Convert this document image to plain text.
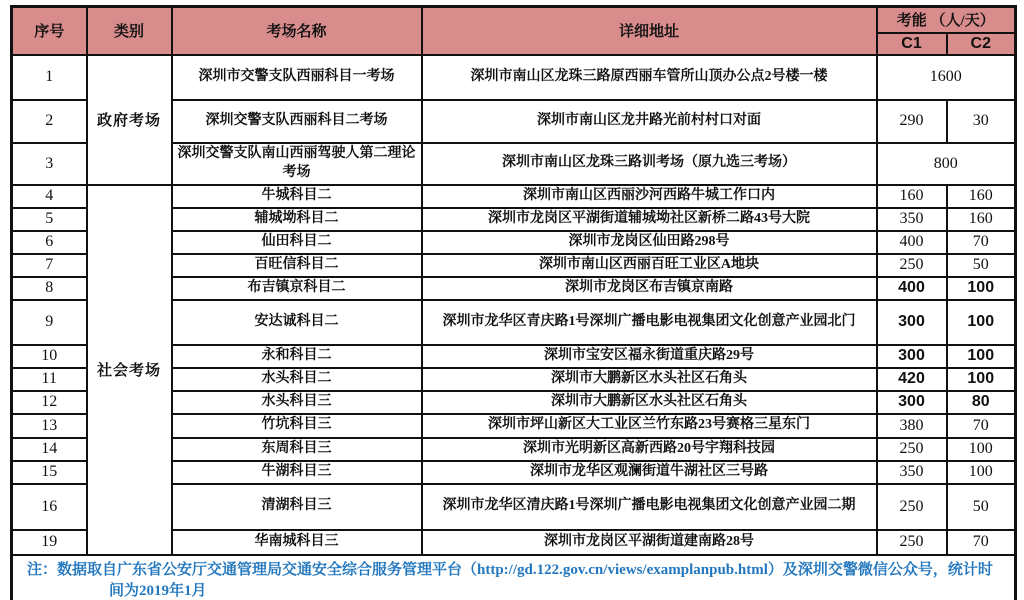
序号	类别	考场名称	详细地址	考能 （人/天）	
				C1	C2
1	政府考场	深圳市交警支队西丽科目一考场	深圳市南山区龙珠三路原西丽车管所山顶办公点2号楼一楼	1600	
2		深圳交警支队西丽科目二考场	深圳市南山区龙井路光前村村口对面	290	30
3		深圳交警支队南山西丽驾驶人第二理论考场	深圳市南山区龙珠三路训考场（原九选三考场）	800	
4	社会考场	牛城科目二	深圳市南山区西丽沙河西路牛城工作口内	160	160
5		辅城坳科目二	深圳市龙岗区平湖街道辅城坳社区新桥二路43号大院	350	160
6		仙田科目二	深圳市龙岗区仙田路298号	400	70
7		百旺信科目二	深圳市南山区西丽百旺工业区A地块	250	50
8		布吉镇京科目二	深圳市龙岗区布吉镇京南路	400	100
9		安达诚科目二	深圳市龙华区青庆路1号深圳广播电影电视集团文化创意产业园北门	300	100
10		永和科目二	深圳市宝安区福永街道重庆路29号	300	100
11		水头科目二	深圳市大鹏新区水头社区石角头	420	100
12		水头科目三	深圳市大鹏新区水头社区石角头	300	80
13		竹坑科目三	深圳市坪山新区大工业区兰竹东路23号赛格三星东门	380	70
14		东周科目三	深圳市光明新区高新西路20号宇翔科技园	250	100
15		牛湖科目三	深圳市龙华区观澜街道牛湖社区三号路	350	100
16		清湖科目三	深圳市龙华区清庆路1号深圳广播电影电视集团文化创意产业园二期	250	50
19		华南城科目三	深圳市龙岗区平湖街道建南路28号	250	70

注：数据取自广东省公安厅交通管理局交通安全综合服务管理平台（http://gd.122.gov.cn/views/examplanpub.html）及深圳交警微信公众号，统计时间为2019年1月					
